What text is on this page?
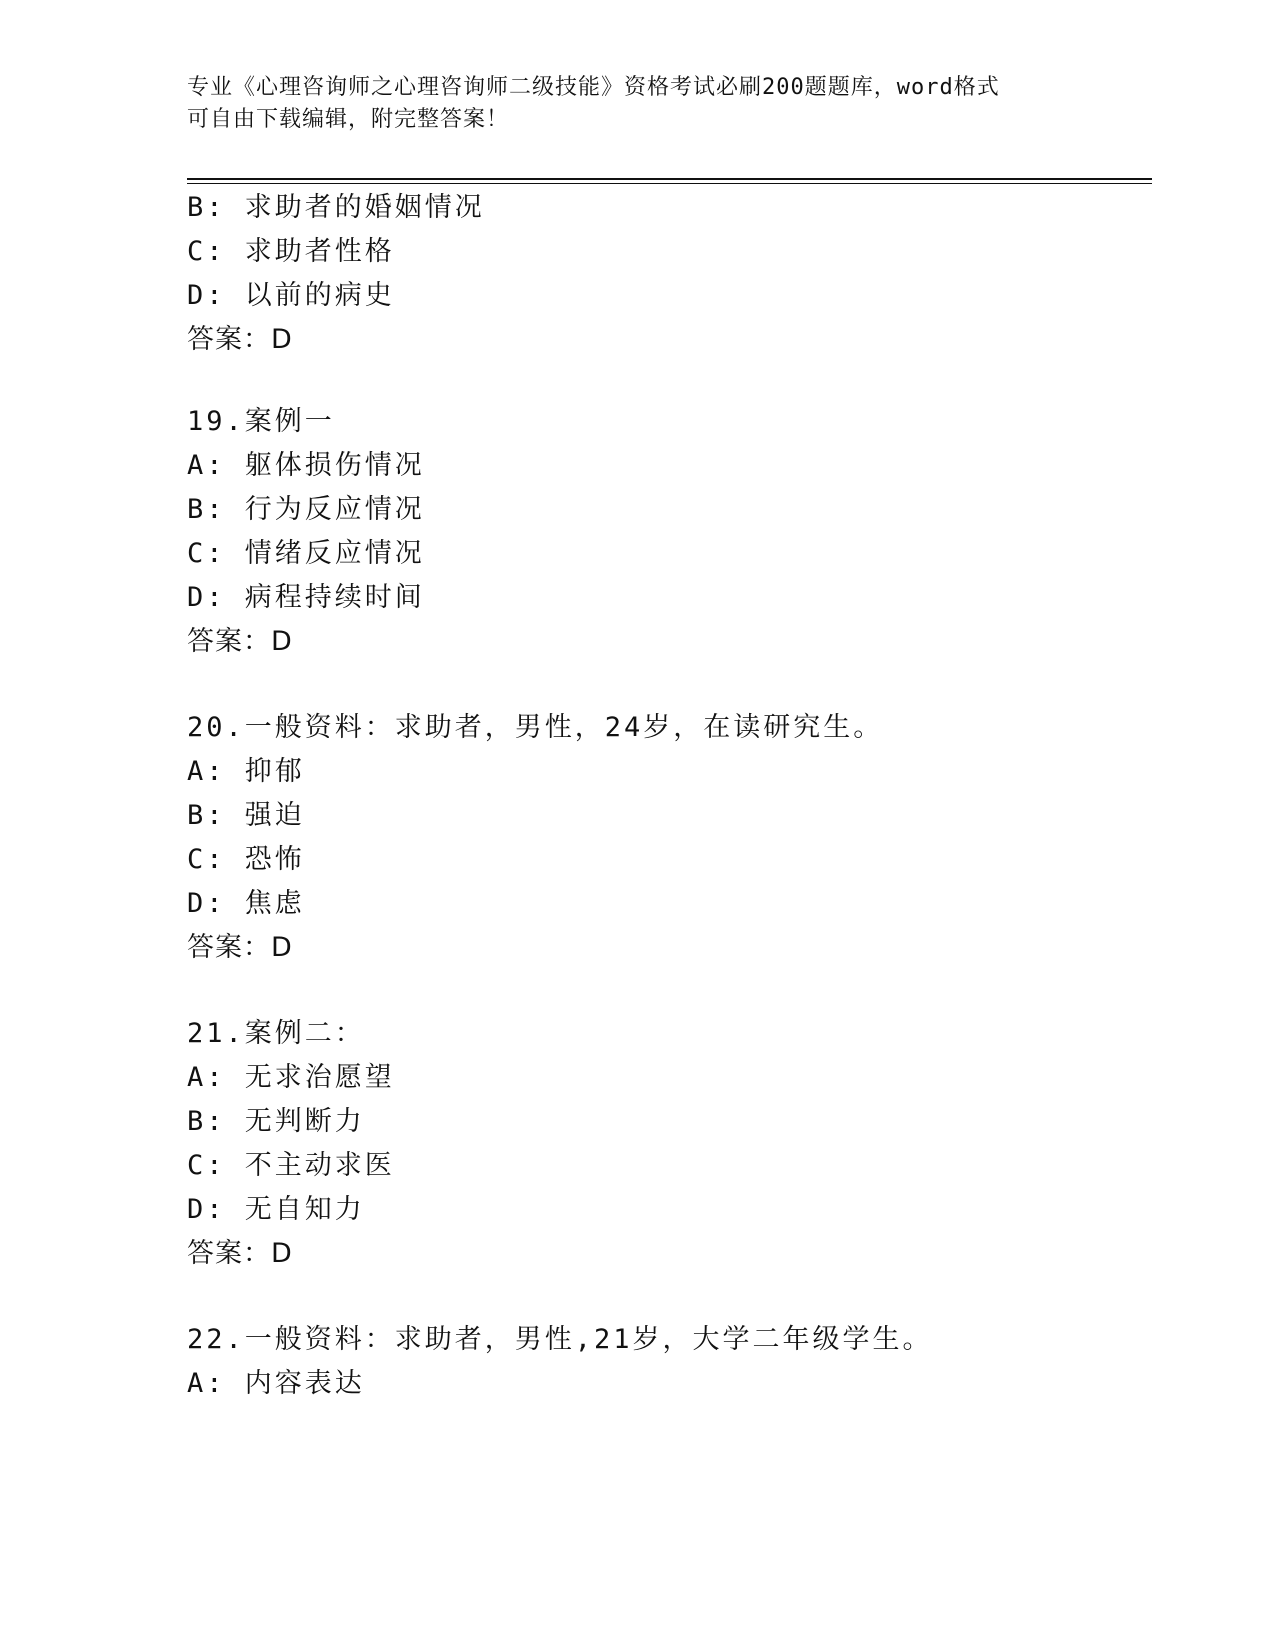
专业《心理咨询师之心理咨询师二级技能》资格考试必刷200题题库，word格式
可自由下载编辑，附完整答案！
B: 求助者的婚姻情况
C: 求助者性格
D: 以前的病史
答案：D
19.案例一
A: 躯体损伤情况
B: 行为反应情况
C: 情绪反应情况
D: 病程持续时间
答案：D
20.一般资料：求助者，男性，24岁，在读研究生。
A: 抑郁
B: 强迫
C: 恐怖
D: 焦虑
答案：D
21.案例二：
A: 无求治愿望
B: 无判断力
C: 不主动求医
D: 无自知力
答案：D
22.一般资料：求助者，男性,21岁，大学二年级学生。
A: 内容表达
